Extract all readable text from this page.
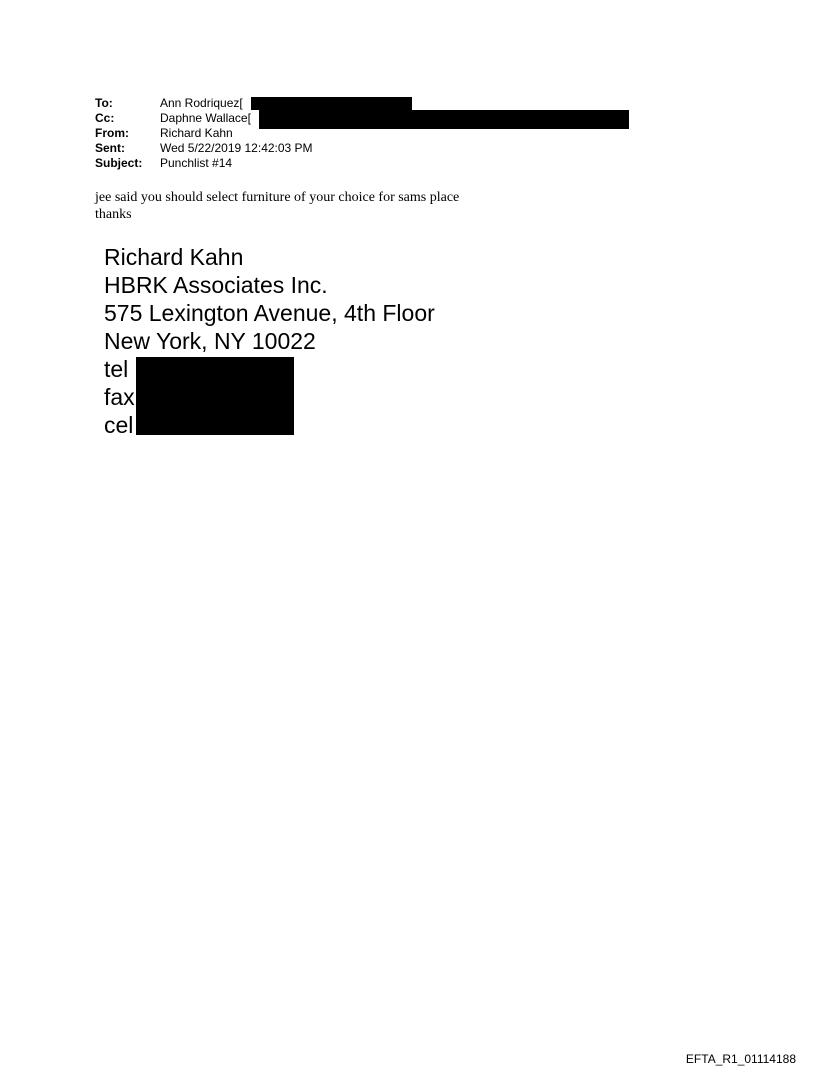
To:	Ann Rodriquez[
Cc:	Daphne Wallace[
From:	Richard Kahn
Sent:	Wed 5/22/2019 12:42:03 PM
Subject: Punchlist #14
jee said you should select furniture of your choice for sams place
thanks
Richard Kahn
HBRK Associates Inc.
575 Lexington Avenue, 4th Floor
New York, NY 10022
tel
fax
cel
EFTA_R1_01114188
